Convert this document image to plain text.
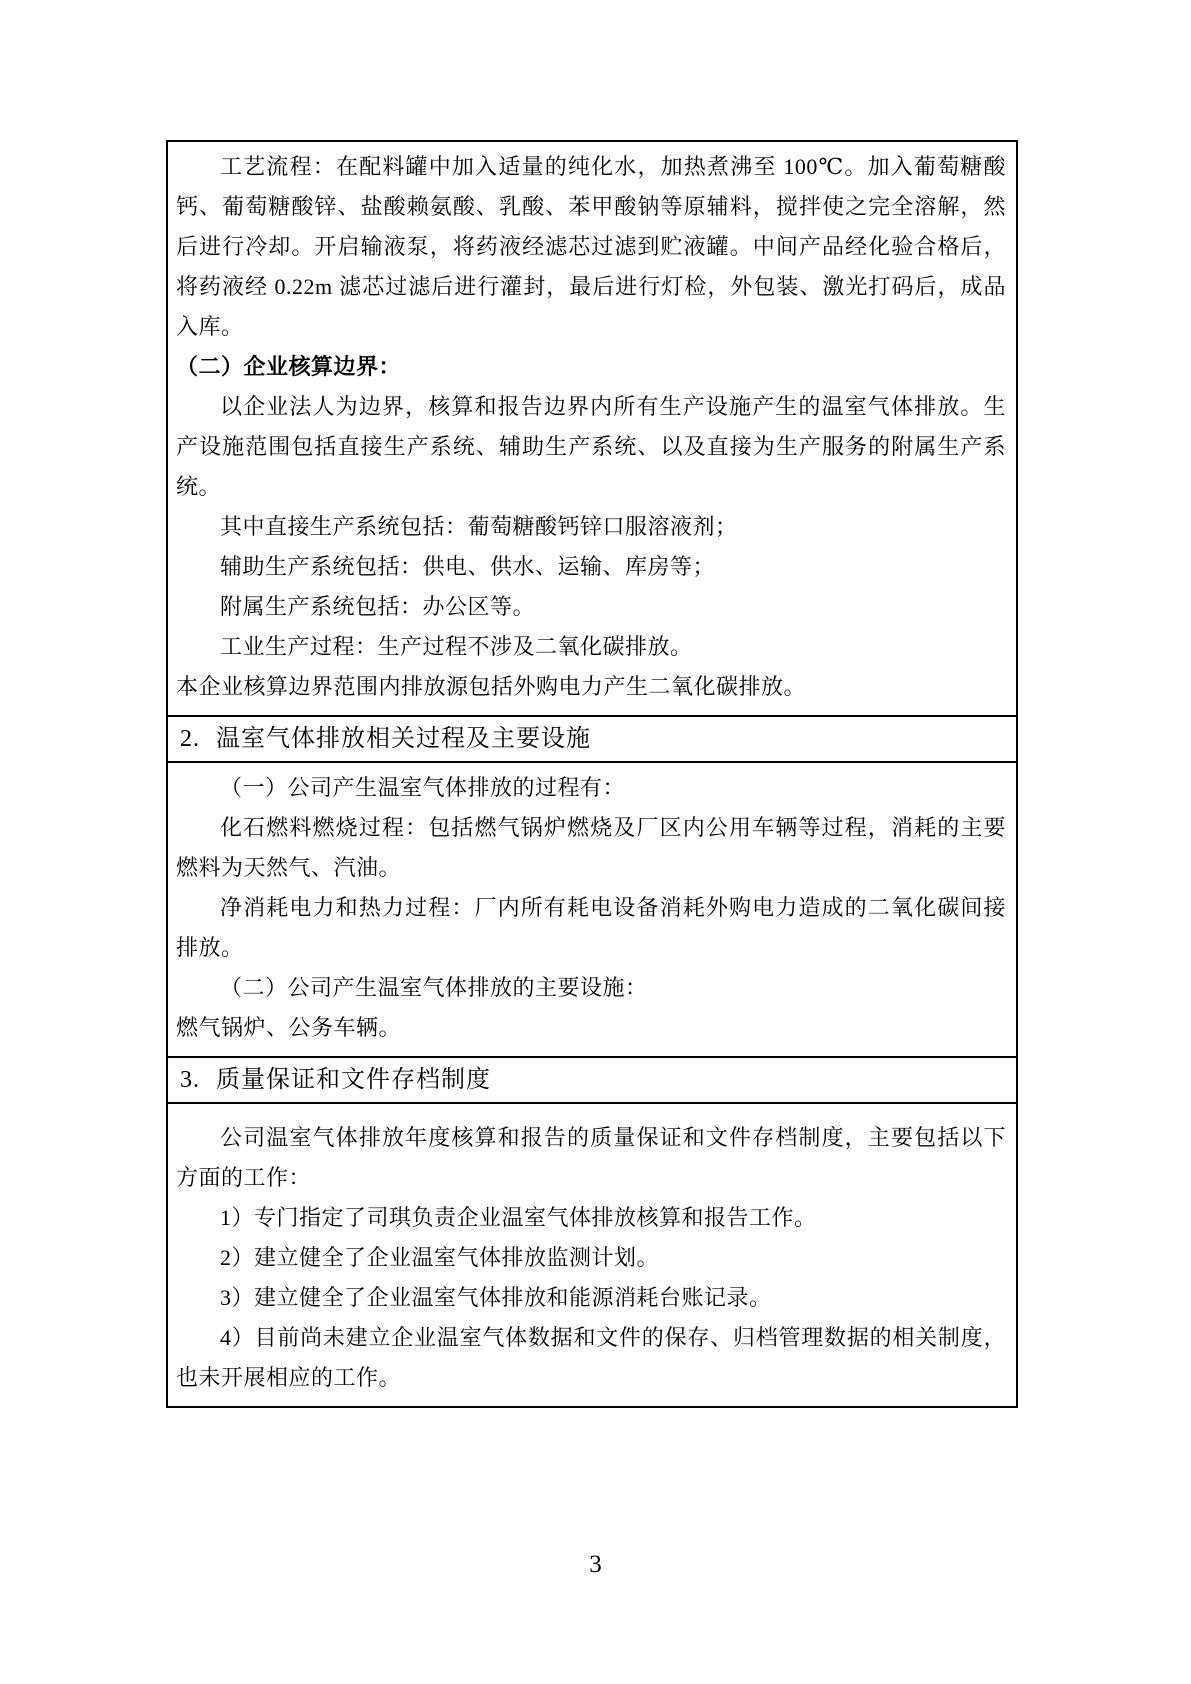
工艺流程：在配料罐中加入适量的纯化水，加热煮沸至 100℃。加入葡萄糖酸钙、葡萄糖酸锌、盐酸赖氨酸、乳酸、苯甲酸钠等原辅料，搅拌使之完全溶解，然后进行冷却。开启输液泵，将药液经滤芯过滤到贮液罐。中间产品经化验合格后，将药液经 0.22m 滤芯过滤后进行灌封，最后进行灯检，外包装、激光打码后，成品入库。

（二）企业核算边界：

以企业法人为边界，核算和报告边界内所有生产设施产生的温室气体排放。生产设施范围包括直接生产系统、辅助生产系统、以及直接为生产服务的附属生产系统。

其中直接生产系统包括：葡萄糖酸钙锌口服溶液剂；

辅助生产系统包括：供电、供水、运输、库房等；

附属生产系统包括：办公区等。

工业生产过程：生产过程不涉及二氧化碳排放。

本企业核算边界范围内排放源包括外购电力产生二氧化碳排放。

2. 温室气体排放相关过程及主要设施

（一）公司产生温室气体排放的过程有：

化石燃料燃烧过程：包括燃气锅炉燃烧及厂区内公用车辆等过程，消耗的主要燃料为天然气、汽油。

净消耗电力和热力过程：厂内所有耗电设备消耗外购电力造成的二氧化碳间接排放。

（二）公司产生温室气体排放的主要设施：

燃气锅炉、公务车辆。

3. 质量保证和文件存档制度

公司温室气体排放年度核算和报告的质量保证和文件存档制度，主要包括以下方面的工作：

1）专门指定了司琪负责企业温室气体排放核算和报告工作。

2）建立健全了企业温室气体排放监测计划。

3）建立健全了企业温室气体排放和能源消耗台账记录。

4）目前尚未建立企业温室气体数据和文件的保存、归档管理数据的相关制度，也未开展相应的工作。

3
